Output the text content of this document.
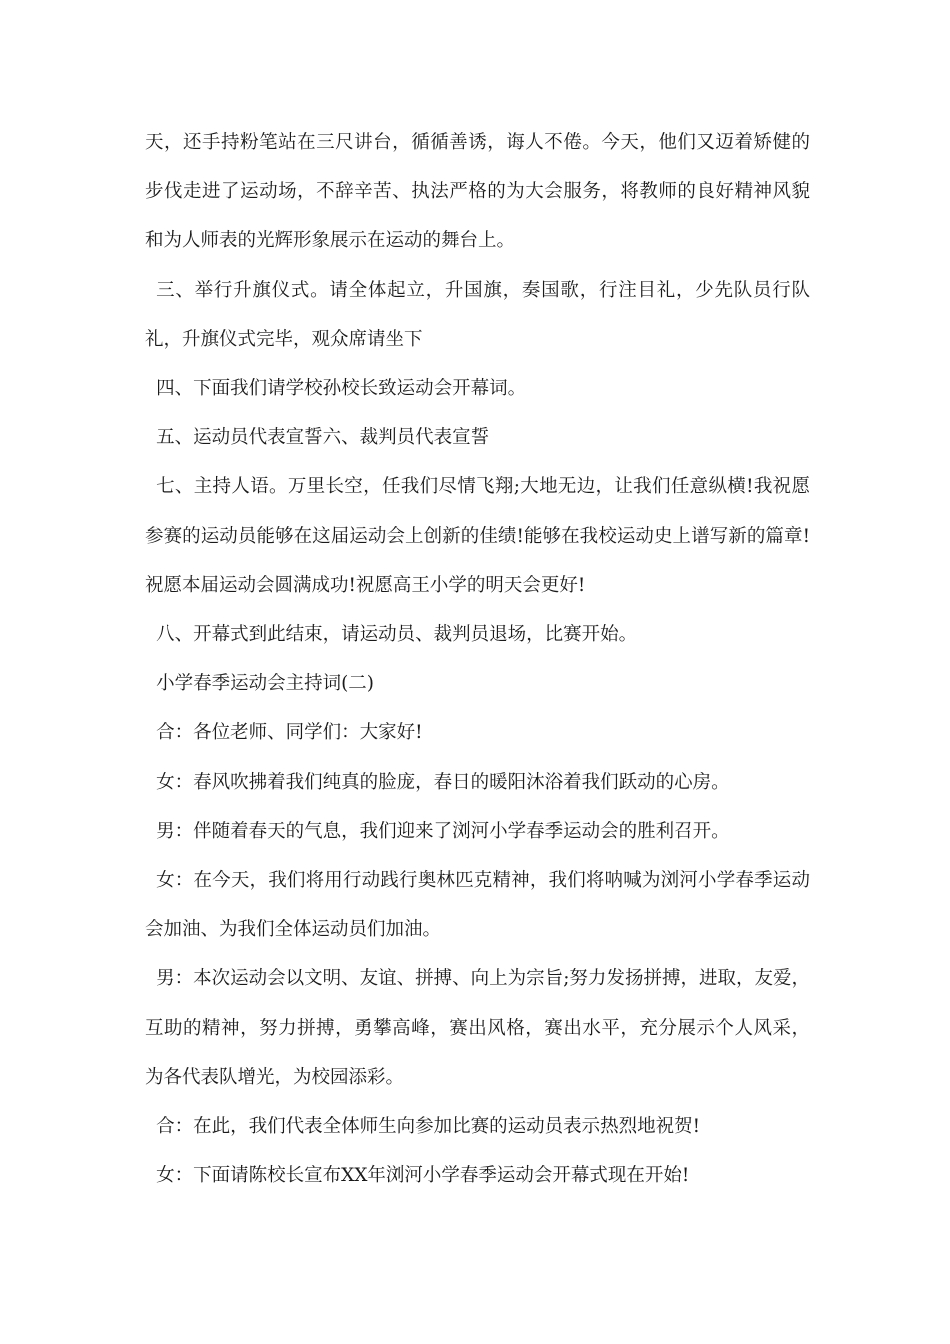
天，还手持粉笔站在三尺讲台，循循善诱，诲人不倦。今天，他们又迈着矫健的步伐走进了运动场，不辞辛苦、执法严格的为大会服务，将教师的良好精神风貌和为人师表的光辉形象展示在运动的舞台上。

三、举行升旗仪式。请全体起立，升国旗，奏国歌，行注目礼，少先队员行队礼，升旗仪式完毕，观众席请坐下

四、下面我们请学校孙校长致运动会开幕词。

五、运动员代表宣誓六、裁判员代表宣誓

七、主持人语。万里长空，任我们尽情飞翔;大地无边，让我们任意纵横!我祝愿参赛的运动员能够在这届运动会上创新的佳绩!能够在我校运动史上谱写新的篇章!祝愿本届运动会圆满成功!祝愿高王小学的明天会更好!

八、开幕式到此结束，请运动员、裁判员退场，比赛开始。

小学春季运动会主持词(二)

合：各位老师、同学们：大家好!

女：春风吹拂着我们纯真的脸庞，春日的暖阳沐浴着我们跃动的心房。

男：伴随着春天的气息，我们迎来了浏河小学春季运动会的胜利召开。

女：在今天，我们将用行动践行奥林匹克精神，我们将呐喊为浏河小学春季运动会加油、为我们全体运动员们加油。

男：本次运动会以文明、友谊、拼搏、向上为宗旨;努力发扬拼搏，进取，友爱，互助的精神，努力拼搏，勇攀高峰，赛出风格，赛出水平，充分展示个人风采，为各代表队增光，为校园添彩。

合：在此，我们代表全体师生向参加比赛的运动员表示热烈地祝贺!

女：下面请陈校长宣布XX年浏河小学春季运动会开幕式现在开始!
